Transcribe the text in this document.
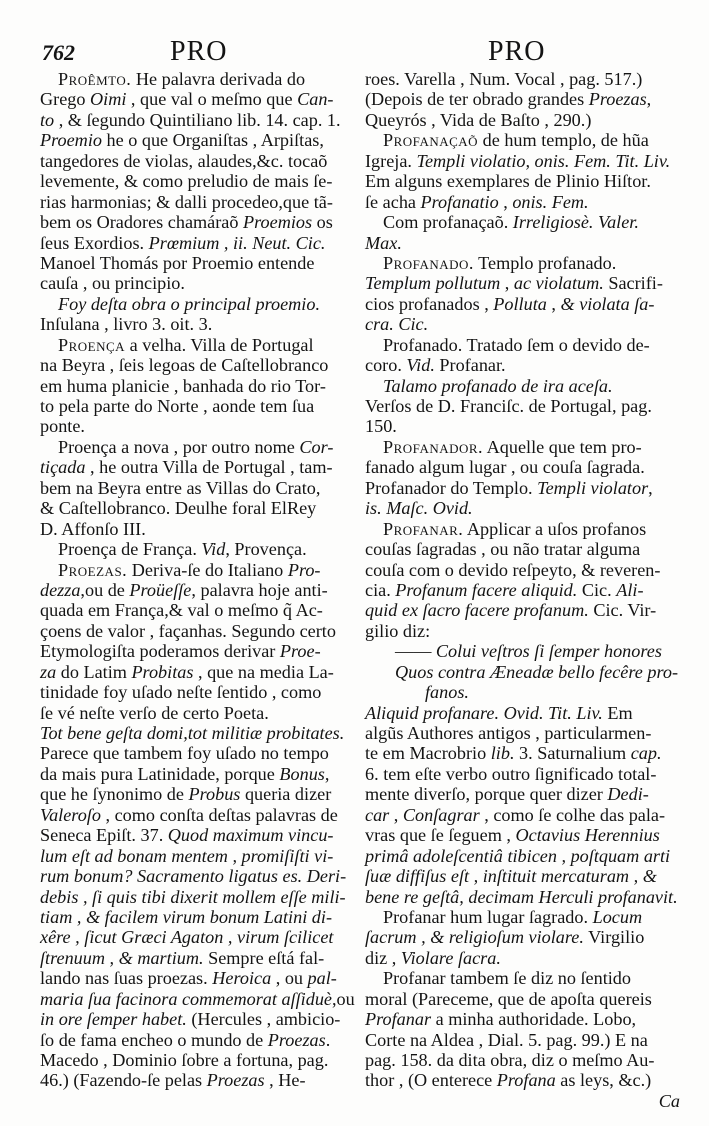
762	PRO	PRO
Proêmto. He palavra derivada do
Grego Oimi , que val o meſmo que Can-
to , & ſegundo Quintiliano lib. 14. cap. 1.
Proemio he o que Organiſtas , Arpiſtas,
tangedores de violas, alaudes,&c. tocaõ
levemente, & como preludio de mais ſe-
rias harmonias; & dalli procedeo,que tã-
bem os Oradores chamáraõ Proemios os
ſeus Exordios. Prœmium , ii. Neut. Cic.
Manoel Thomás por Proemio entende
cauſa , ou principio.
Foy deſta obra o principal proemio.
Inſulana , livro 3. oit. 3.
Proença a velha. Villa de Portugal
na Beyra , ſeis legoas de Caſtellobranco
em huma planicie , banhada do rio Tor-
to pela parte do Norte , aonde tem ſua
ponte.
Proença a nova , por outro nome Cor-
tiçada , he outra Villa de Portugal , tam-
bem na Beyra entre as Villas do Crato,
& Caſtellobranco. Deulhe foral ElRey
D. Affonſo III.
Proença de França. Vid, Provença.
Proezas. Deriva-ſe do Italiano Pro-
dezza,ou de Proüeſſe, palavra hoje anti-
quada em França,& val o meſmo q̃ Ac-
çoens de valor , façanhas. Segundo certo
Etymologiſta poderamos derivar Proe-
za do Latim Probitas , que na media La-
tinidade foy uſado neſte ſentido , como
ſe vé neſte verſo de certo Poeta.
Tot bene geſta domi,tot militiæ probitates.
Parece que tambem foy uſado no tempo
da mais pura Latinidade, porque Bonus,
que he ſynonimo de Probus queria dizer
Valeroſo , como conſta deſtas palavras de
Seneca Epiſt. 37. Quod maximum vincu-
lum eſt ad bonam mentem , promiſiſti vi-
rum bonum? Sacramento ligatus es. Deri-
debis , ſi quis tibi dixerit mollem eſſe mili-
tiam , & facilem virum bonum Latini di-
xêre , ſicut Græci Agaton , virum ſcilicet
ſtrenuum , & martium. Sempre eſtá fal-
lando nas ſuas proezas. Heroica , ou pal-
maria ſua facinora commemorat aſſiduè,ou
in ore ſemper habet. (Hercules , ambicio-
ſo de fama encheo o mundo de Proezas.
Macedo , Dominio ſobre a fortuna, pag.
46.) (Fazendo-ſe pelas Proezas , He-
roes. Varella , Num. Vocal , pag. 517.)
(Depois de ter obrado grandes Proezas,
Queyrós , Vida de Baſto , 290.)
Profanaçaõ de hum templo, de hũa
Igreja. Templi violatio, onis. Fem. Tit. Liv.
Em alguns exemplares de Plinio Hiſtor.
ſe acha Profanatio , onis. Fem.
Com profanaçaõ. Irreligiosè. Valer.
Max.
Profanado. Templo profanado.
Templum pollutum , ac violatum. Sacrifi-
cios profanados , Polluta , & violata ſa-
cra. Cic.
Profanado. Tratado ſem o devido de-
coro. Vid. Profanar.
Talamo profanado de ira aceſa.
Verſos de D. Franciſc. de Portugal, pag.
150.
Profanador. Aquelle que tem pro-
fanado algum lugar , ou couſa ſagrada.
Profanador do Templo. Templi violator,
is. Maſc. Ovid.
Profanar. Applicar a uſos profanos
couſas ſagradas , ou não tratar alguma
couſa com o devido reſpeyto, & reveren-
cia. Profanum facere aliquid. Cic. Ali-
quid ex ſacro facere profanum. Cic. Vir-
gilio diz:
—— Colui veſtros ſi ſemper honores
Quos contra Æneadæ bello fecêre pro-
fanos.
Aliquid profanare. Ovid. Tit. Liv. Em
algũs Authores antigos , particularmen-
te em Macrobrio lib. 3. Saturnalium cap.
6. tem eſte verbo outro ſignificado total-
mente diverſo, porque quer dizer Dedi-
car , Conſagrar , como ſe colhe das pala-
vras que ſe ſeguem , Octavius Herennius
primâ adoleſcentiâ tibicen , poſtquam arti
ſuæ diffiſus eſt , inſtituit mercaturam , &
bene re geſtâ, decimam Herculi profanavit.
Profanar hum lugar ſagrado. Locum
ſacrum , & religioſum violare. Virgilio
diz , Violare ſacra.
Profanar tambem ſe diz no ſentido
moral (Pareceme, que de apoſta quereis
Profanar a minha authoridade. Lobo,
Corte na Aldea , Dial. 5. pag. 99.) E na
pag. 158. da dita obra, diz o meſmo Au-
thor , (O enterece Profana as leys, &c.)
Ca
